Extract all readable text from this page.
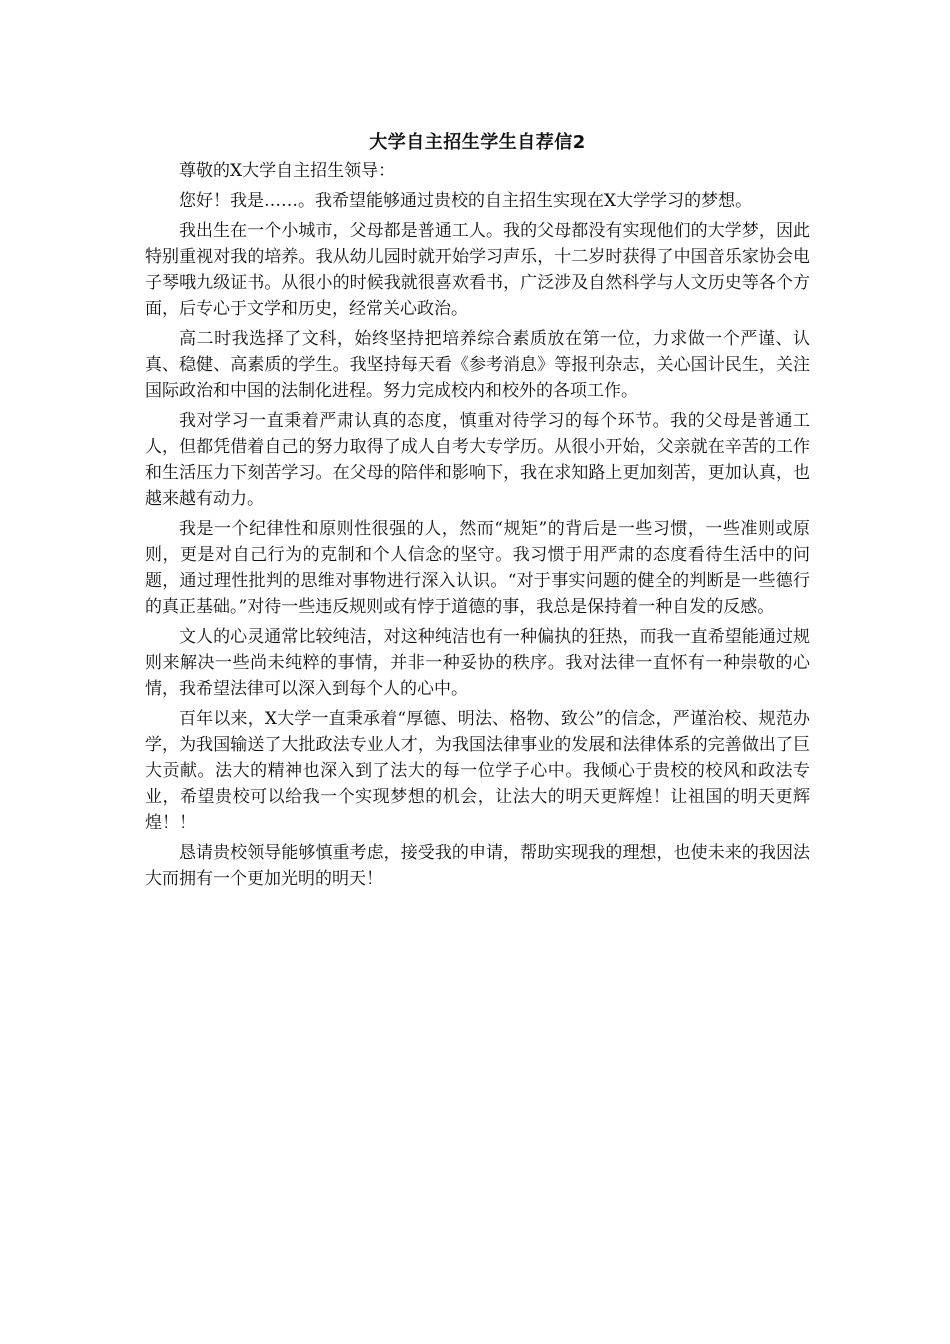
大学自主招生学生自荐信2

尊敬的X大学自主招生领导：

您好！我是……。我希望能够通过贵校的自主招生实现在X大学学习的梦想。

我出生在一个小城市，父母都是普通工人。我的父母都没有实现他们的大学梦，因此特别重视对我的培养。我从幼儿园时就开始学习声乐，十二岁时获得了中国音乐家协会电子琴哦九级证书。从很小的时候我就很喜欢看书，广泛涉及自然科学与人文历史等各个方面，后专心于文学和历史，经常关心政治。

高二时我选择了文科，始终坚持把培养综合素质放在第一位，力求做一个严谨、认真、稳健、高素质的学生。我坚持每天看《参考消息》等报刊杂志，关心国计民生，关注国际政治和中国的法制化进程。努力完成校内和校外的各项工作。

我对学习一直秉着严肃认真的态度，慎重对待学习的每个环节。我的父母是普通工人，但都凭借着自己的努力取得了成人自考大专学历。从很小开始，父亲就在辛苦的工作和生活压力下刻苦学习。在父母的陪伴和影响下，我在求知路上更加刻苦，更加认真，也越来越有动力。

我是一个纪律性和原则性很强的人，然而“规矩”的背后是一些习惯，一些准则或原则，更是对自己行为的克制和个人信念的坚守。我习惯于用严肃的态度看待生活中的问题，通过理性批判的思维对事物进行深入认识。“对于事实问题的健全的判断是一些德行的真正基础。”对待一些违反规则或有悖于道德的事，我总是保持着一种自发的反感。

文人的心灵通常比较纯洁，对这种纯洁也有一种偏执的狂热，而我一直希望能通过规则来解决一些尚未纯粹的事情，并非一种妥协的秩序。我对法律一直怀有一种崇敬的心情，我希望法律可以深入到每个人的心中。

百年以来，X大学一直秉承着“厚德、明法、格物、致公”的信念，严谨治校、规范办学，为我国输送了大批政法专业人才，为我国法律事业的发展和法律体系的完善做出了巨大贡献。法大的精神也深入到了法大的每一位学子心中。我倾心于贵校的校风和政法专业，希望贵校可以给我一个实现梦想的机会，让法大的明天更辉煌！让祖国的明天更辉煌！！

恳请贵校领导能够慎重考虑，接受我的申请，帮助实现我的理想，也使未来的我因法大而拥有一个更加光明的明天！
